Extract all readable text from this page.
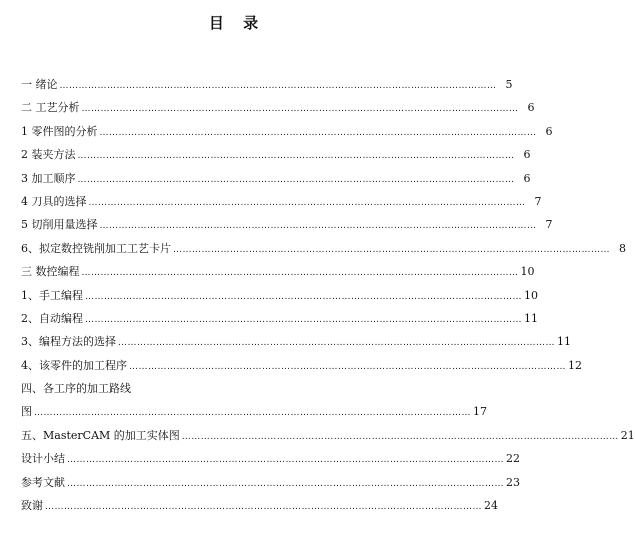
目 录
一 绪论 ………………………………………………………………………………………………………………………… 5
二 工艺分析 ………………………………………………………………………………………………………………………… 6
1 零件图的分析 ………………………………………………………………………………………………………………………… 6
2 装夹方法 ………………………………………………………………………………………………………………………… 6
3 加工顺序 ………………………………………………………………………………………………………………………… 6
4 刀具的选择 ………………………………………………………………………………………………………………………… 7
5 切削用量选择 ………………………………………………………………………………………………………………………… 7
6、拟定数控铣削加工工艺卡片 ………………………………………………………………………………………………………………………… 8
三 数控编程 ………………………………………………………………………………………………………………………… 10
1、手工编程 ………………………………………………………………………………………………………………………… 10
2、自动编程 ………………………………………………………………………………………………………………………… 11
3、编程方法的选择 ………………………………………………………………………………………………………………………… 11
4、该零件的加工程序 ………………………………………………………………………………………………………………………… 12
四、各工序的加工路线
图 ………………………………………………………………………………………………………………………… 17
五、MasterCAM 的加工实体图 ………………………………………………………………………………………………………………………… 21
设计小结 ………………………………………………………………………………………………………………………… 22
参考文献 ………………………………………………………………………………………………………………………… 23
致谢 ………………………………………………………………………………………………………………………… 24
